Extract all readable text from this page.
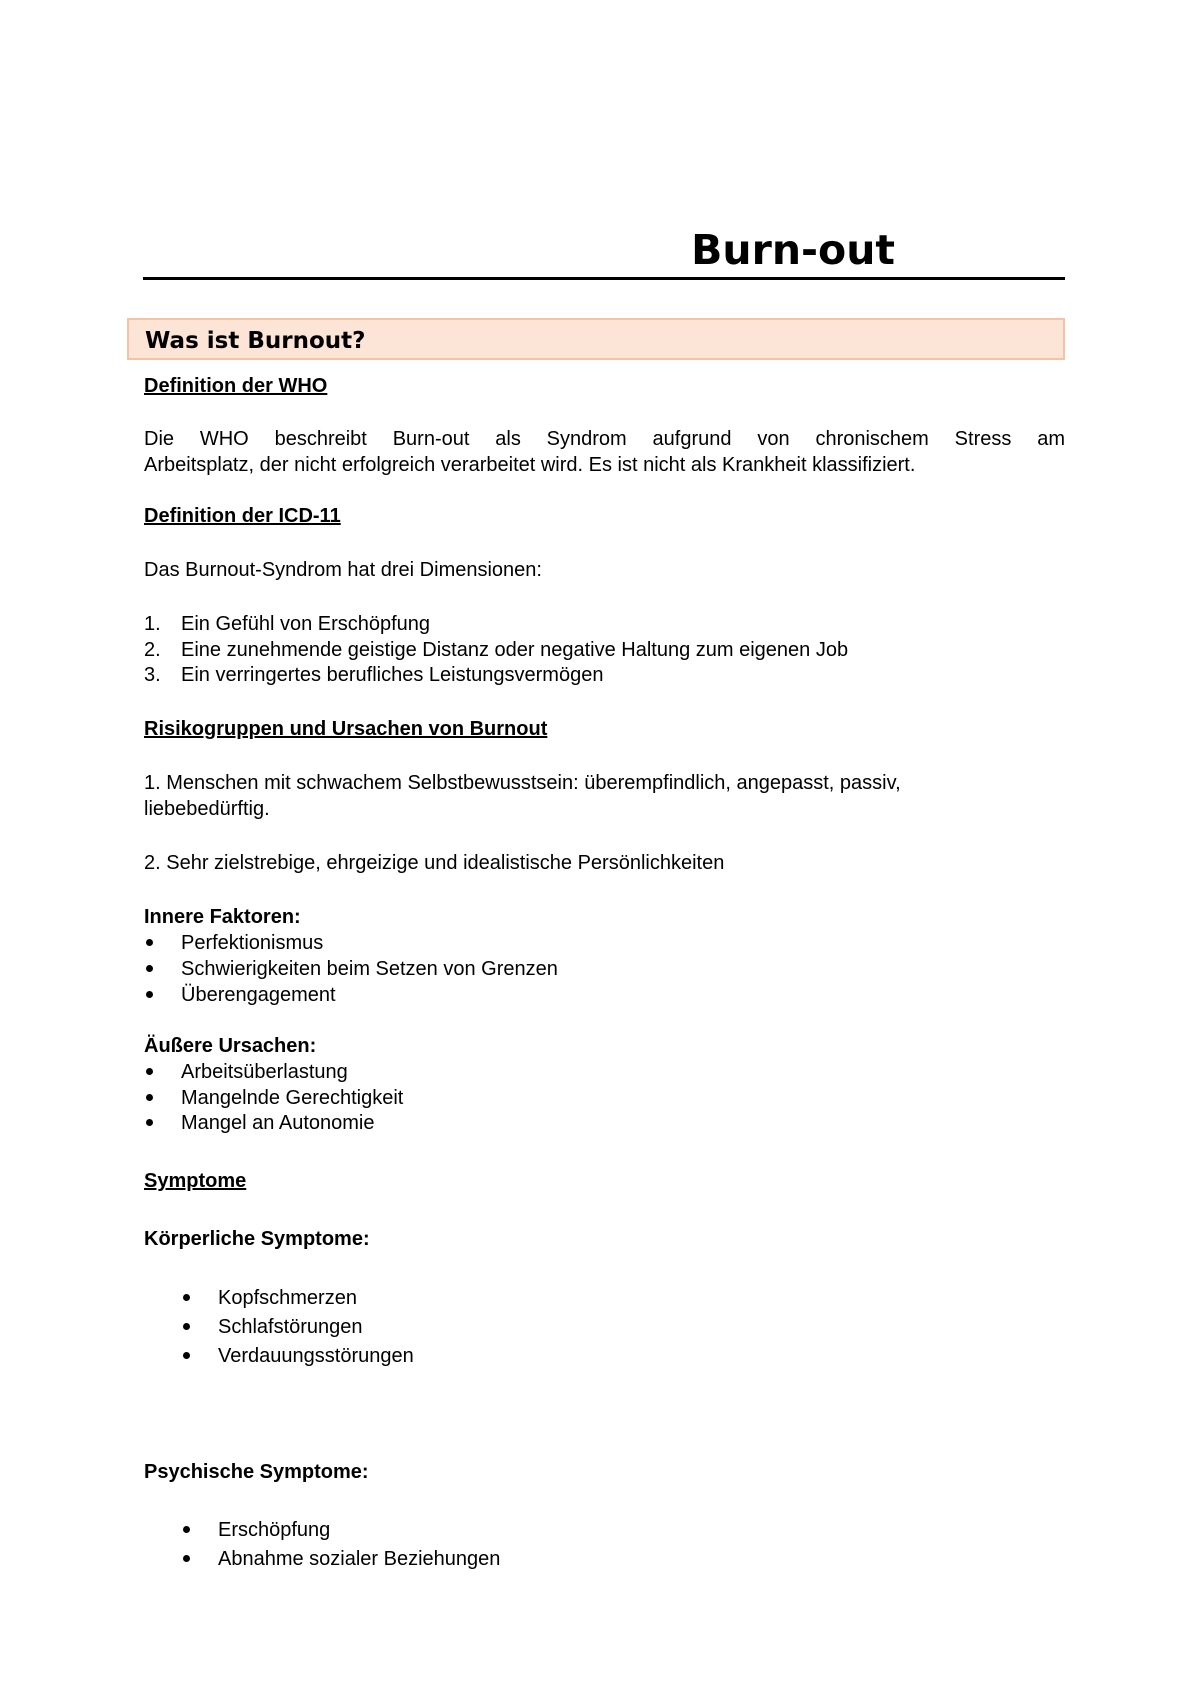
Burn-out
Was ist Burnout?
Definition der WHO
Die WHO beschreibt Burn-out als Syndrom aufgrund von chronischem Stress am
Arbeitsplatz, der nicht erfolgreich verarbeitet wird. Es ist nicht als Krankheit klassifiziert.
Definition der ICD-11
Das Burnout-Syndrom hat drei Dimensionen:
1. Ein Gefühl von Erschöpfung
2. Eine zunehmende geistige Distanz oder negative Haltung zum eigenen Job
3. Ein verringertes berufliches Leistungsvermögen
Risikogruppen und Ursachen von Burnout
1. Menschen mit schwachem Selbstbewusstsein: überempfindlich, angepasst, passiv,
liebebedürftig.
2. Sehr zielstrebige, ehrgeizige und idealistische Persönlichkeiten
Innere Faktoren:
Perfektionismus
Schwierigkeiten beim Setzen von Grenzen
Überengagement
Äußere Ursachen:
Arbeitsüberlastung
Mangelnde Gerechtigkeit
Mangel an Autonomie
Symptome
Körperliche Symptome:
Kopfschmerzen
Schlafstörungen
Verdauungsstörungen
Psychische Symptome:
Erschöpfung
Abnahme sozialer Beziehungen
